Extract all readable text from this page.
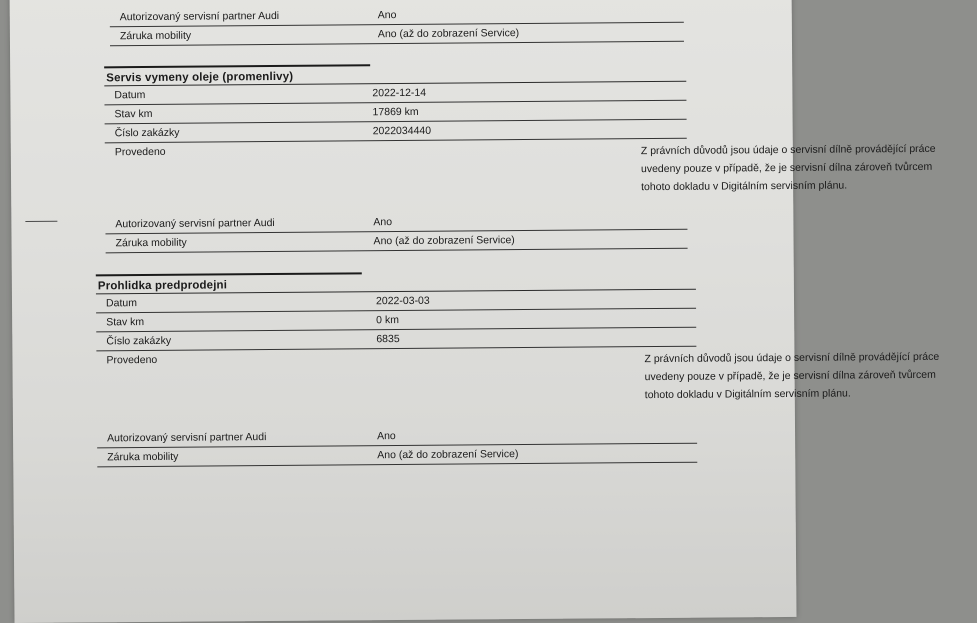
Autorizovaný servisní partner Audi	Ano
Záruka mobility	Ano (až do zobrazení Service)
Servis vymeny oleje (promenlivy)
Datum	2022-12-14
Stav km	17869 km
Číslo zakázky	2022034440
Provedeno	Z právních důvodů jsou údaje o servisní dílně provádějící práce
uvedeny pouze v případě, že je servisní dílna zároveň tvůrcem
tohoto dokladu v Digitálním servisním plánu.
Autorizovaný servisní partner Audi	Ano
Záruka mobility	Ano (až do zobrazení Service)
Prohlidka predprodejni
Datum	2022-03-03
Stav km	0 km
Číslo zakázky	6835
Provedeno	Z právních důvodů jsou údaje o servisní dílně provádějící práce
uvedeny pouze v případě, že je servisní dílna zároveň tvůrcem
tohoto dokladu v Digitálním servisním plánu.
Autorizovaný servisní partner Audi	Ano
Záruka mobility	Ano (až do zobrazení Service)
